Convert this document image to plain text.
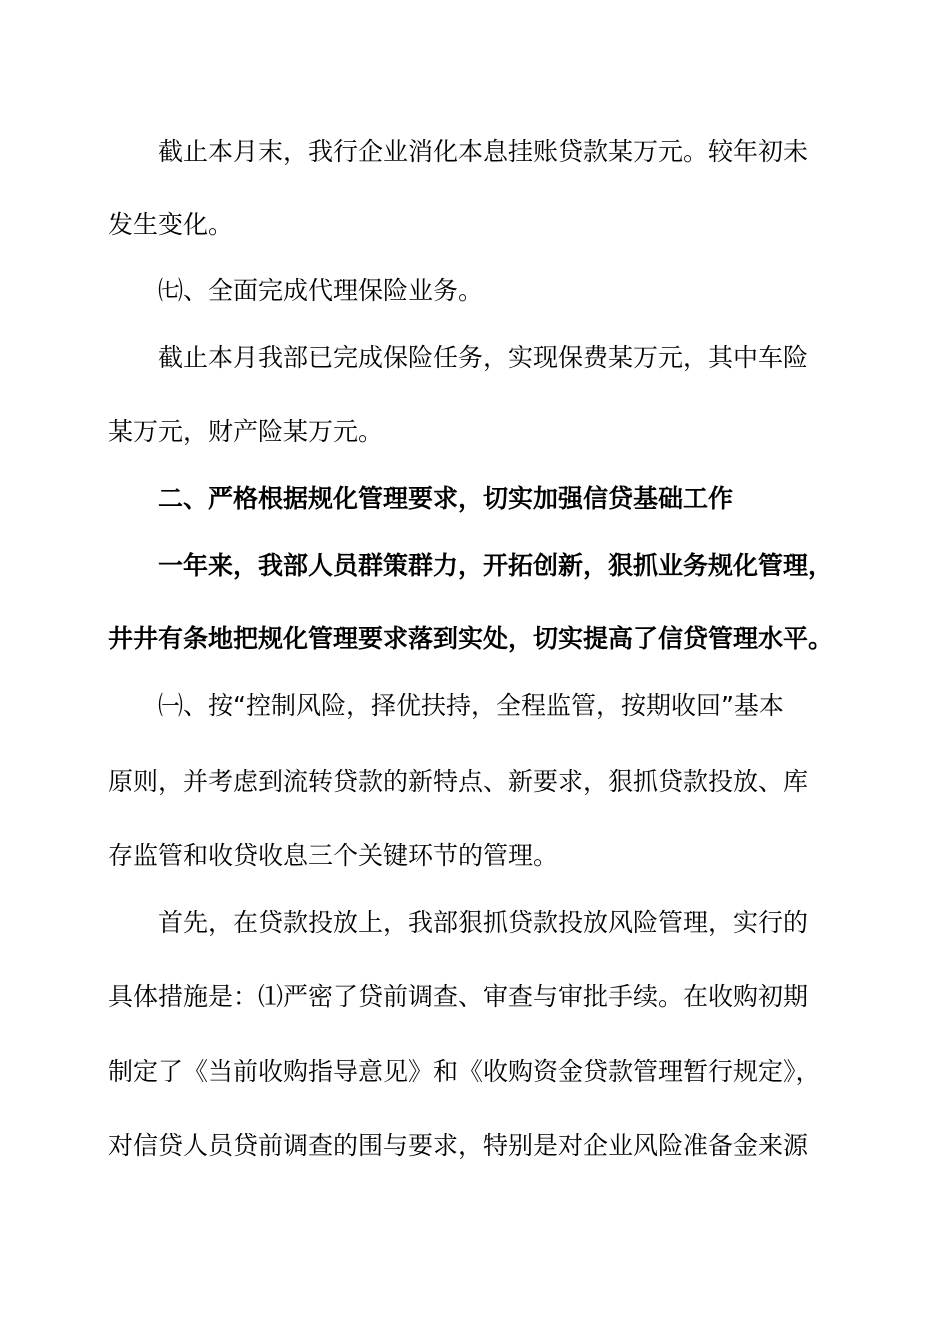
截止本月末，我行企业消化本息挂账贷款某万元。较年初未
发生变化。
㈦、全面完成代理保险业务。
截止本月我部已完成保险任务，实现保费某万元，其中车险
某万元，财产险某万元。
二、严格根据规化管理要求，切实加强信贷基础工作
一年来，我部人员群策群力，开拓创新，狠抓业务规化管理，
井井有条地把规化管理要求落到实处，切实提高了信贷管理水平。
㈠、按“控制风险，择优扶持，全程监管，按期收回”基本
原则，并考虑到流转贷款的新特点、新要求，狠抓贷款投放、库
存监管和收贷收息三个关键环节的管理。
首先，在贷款投放上，我部狠抓贷款投放风险管理，实行的
具体措施是：⑴严密了贷前调查、审查与审批手续。在收购初期
制定了《当前收购指导意见》和《收购资金贷款管理暂行规定》，
对信贷人员贷前调查的围与要求，特别是对企业风险准备金来源
